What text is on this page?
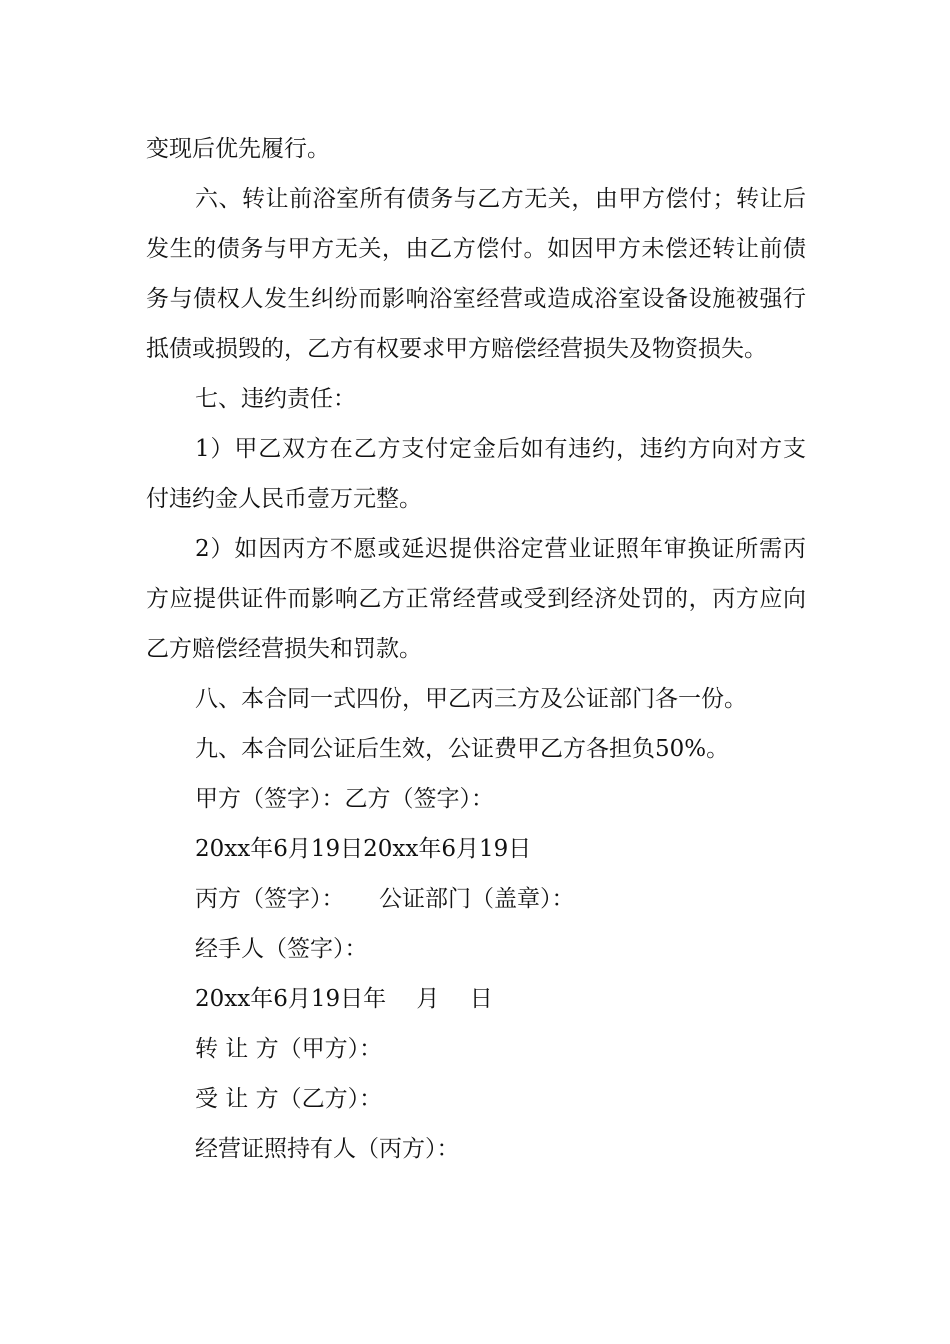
变现后优先履行。

六、转让前浴室所有债务与乙方无关，由甲方偿付；转让后发生的债务与甲方无关，由乙方偿付。如因甲方未偿还转让前债务与债权人发生纠纷而影响浴室经营或造成浴室设备设施被强行抵债或损毁的，乙方有权要求甲方赔偿经营损失及物资损失。

七、违约责任：

1）甲乙双方在乙方支付定金后如有违约，违约方向对方支付违约金人民币壹万元整。

2）如因丙方不愿或延迟提供浴定营业证照年审换证所需丙方应提供证件而影响乙方正常经营或受到经济处罚的，丙方应向乙方赔偿经营损失和罚款。

八、本合同一式四份，甲乙丙三方及公证部门各一份。

九、本合同公证后生效，公证费甲乙方各担负50%。

甲方（签字）：乙方（签字）：

20xx年6月19日20xx年6月19日

丙方（签字）：　　公证部门（盖章）：

经手人（签字）：

20xx年6月19日年　 月　 日

转 让 方（甲方）：

受 让 方（乙方）：

经营证照持有人（丙方）：
